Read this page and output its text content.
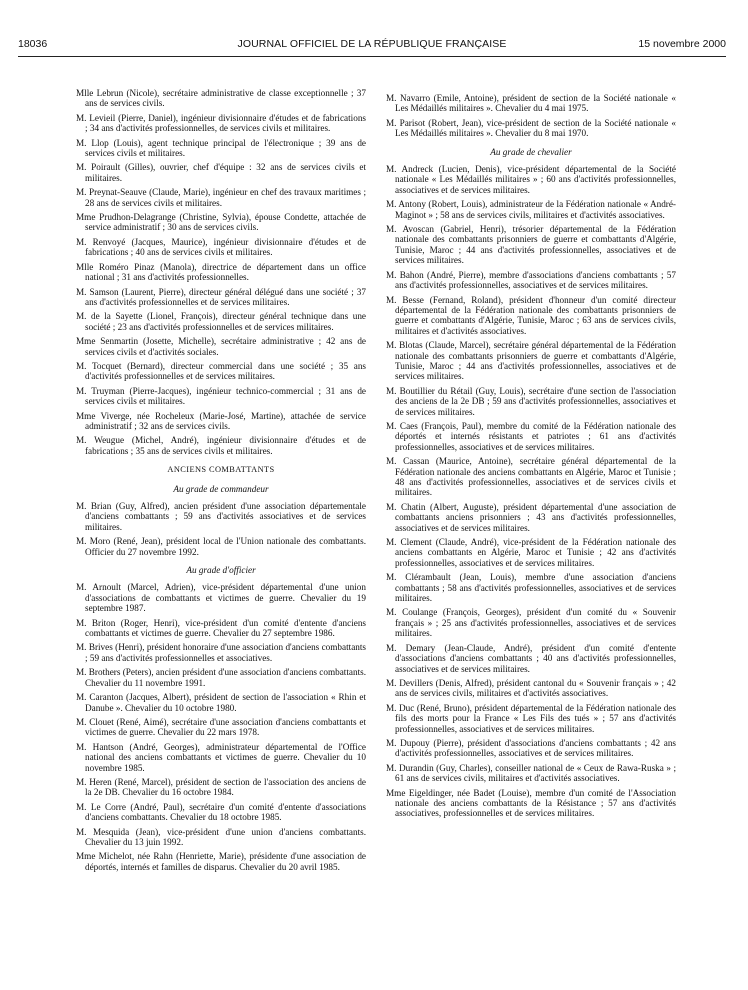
18036	JOURNAL OFFICIEL DE LA RÉPUBLIQUE FRANÇAISE	15 novembre 2000

Mlle Lebrun (Nicole), secrétaire administrative de classe exceptionnelle ; 37 ans de services civils.

M. Levieil (Pierre, Daniel), ingénieur divisionnaire d'études et de fabrications ; 34 ans d'activités professionnelles, de services civils et militaires.

M. Llop (Louis), agent technique principal de l'électronique ; 39 ans de services civils et militaires.

M. Poirault (Gilles), ouvrier, chef d'équipe : 32 ans de services civils et militaires.

M. Preynat-Seauve (Claude, Marie), ingénieur en chef des travaux maritimes ; 28 ans de services civils et militaires.

Mme Prudhon-Delagrange (Christine, Sylvia), épouse Condette, attachée de service administratif ; 30 ans de services civils.

M. Renvoyé (Jacques, Maurice), ingénieur divisionnaire d'études et de fabrications ; 40 ans de services civils et militaires.

Mlle Roméro Pinaz (Manola), directrice de département dans un office national ; 31 ans d'activités professionnelles.

M. Samson (Laurent, Pierre), directeur général délégué dans une société ; 37 ans d'activités professionnelles et de services militaires.

M. de la Sayette (Lionel, François), directeur général technique dans une société ; 23 ans d'activités professionnelles et de services militaires.

Mme Senmartin (Josette, Michelle), secrétaire administrative ; 42 ans de services civils et d'activités sociales.

M. Tocquet (Bernard), directeur commercial dans une société ; 35 ans d'activités professionnelles et de services militaires.

M. Truyman (Pierre-Jacques), ingénieur technico-commercial ; 31 ans de services civils et militaires.

Mme Viverge, née Rocheleux (Marie-José, Martine), attachée de service administratif ; 32 ans de services civils.

M. Weugue (Michel, André), ingénieur divisionnaire d'études et de fabrications ; 35 ans de services civils et militaires.

ANCIENS COMBATTANTS
Au grade de commandeur

M. Brian (Guy, Alfred), ancien président d'une association départementale d'anciens combattants ; 59 ans d'activités associatives et de services militaires.

M. Moro (René, Jean), président local de l'Union nationale des combattants. Officier du 27 novembre 1992.

Au grade d'officier

M. Arnoult (Marcel, Adrien), vice-président départemental d'une union d'associations de combattants et victimes de guerre. Chevalier du 19 septembre 1987.

M. Briton (Roger, Henri), vice-président d'un comité d'entente d'anciens combattants et victimes de guerre. Chevalier du 27 septembre 1986.

M. Brives (Henri), président honoraire d'une association d'anciens combattants ; 59 ans d'activités professionnelles et associatives.

M. Brothers (Peters), ancien président d'une association d'anciens combattants. Chevalier du 11 novembre 1991.

M. Caranton (Jacques, Albert), président de section de l'association « Rhin et Danube ». Chevalier du 10 octobre 1980.

M. Clouet (René, Aimé), secrétaire d'une association d'anciens combattants et victimes de guerre. Chevalier du 22 mars 1978.

M. Hantson (André, Georges), administrateur départemental de l'Office national des anciens combattants et victimes de guerre. Chevalier du 10 novembre 1985.

M. Heren (René, Marcel), président de section de l'association des anciens de la 2e DB. Chevalier du 16 octobre 1984.

M. Le Corre (André, Paul), secrétaire d'un comité d'entente d'associations d'anciens combattants. Chevalier du 18 octobre 1985.

M. Mesquida (Jean), vice-président d'une union d'anciens combattants. Chevalier du 13 juin 1992.

Mme Michelot, née Rahn (Henriette, Marie), présidente d'une association de déportés, internés et familles de disparus. Chevalier du 20 avril 1985.

M. Navarro (Emile, Antoine), président de section de la Société nationale « Les Médaillés militaires ». Chevalier du 4 mai 1975.

M. Parisot (Robert, Jean), vice-président de section de la Société nationale « Les Médaillés militaires ». Chevalier du 8 mai 1970.

Au grade de chevalier

M. Andreck (Lucien, Denis), vice-président départemental de la Société nationale « Les Médaillés militaires » ; 60 ans d'activités professionnelles, associatives et de services militaires.

M. Antony (Robert, Louis), administrateur de la Fédération nationale « André-Maginot » ; 58 ans de services civils, militaires et d'activités associatives.

M. Avoscan (Gabriel, Henri), trésorier départemental de la Fédération nationale des combattants prisonniers de guerre et combattants d'Algérie, Tunisie, Maroc ; 44 ans d'activités professionnelles, associatives et de services militaires.

M. Bahon (André, Pierre), membre d'associations d'anciens combattants ; 57 ans d'activités professionnelles, associatives et de services militaires.

M. Besse (Fernand, Roland), président d'honneur d'un comité directeur départemental de la Fédération nationale des combattants prisonniers de guerre et combattants d'Algérie, Tunisie, Maroc ; 63 ans de services civils, militaires et d'activités associatives.

M. Blotas (Claude, Marcel), secrétaire général départemental de la Fédération nationale des combattants prisonniers de guerre et combattants d'Algérie, Tunisie, Maroc ; 44 ans d'activités professionnelles, associatives et de services militaires.

M. Boutillier du Rétail (Guy, Louis), secrétaire d'une section de l'association des anciens de la 2e DB ; 59 ans d'activités professionnelles, associatives et de services militaires.

M. Caes (François, Paul), membre du comité de la Fédération nationale des déportés et internés résistants et patriotes ; 61 ans d'activités professionnelles, associatives et de services militaires.

M. Cassan (Maurice, Antoine), secrétaire général départemental de la Fédération nationale des anciens combattants en Algérie, Maroc et Tunisie ; 48 ans d'activités professionnelles, associatives et de services civils et militaires.

M. Chatin (Albert, Auguste), président départemental d'une association de combattants anciens prisonniers ; 43 ans d'activités professionnelles, associatives et de services militaires.

M. Clement (Claude, André), vice-président de la Fédération nationale des anciens combattants en Algérie, Maroc et Tunisie ; 42 ans d'activités professionnelles, associatives et de services militaires.

M. Clérambault (Jean, Louis), membre d'une association d'anciens combattants ; 58 ans d'activités professionnelles, associatives et de services militaires.

M. Coulange (François, Georges), président d'un comité du « Souvenir français » ; 25 ans d'activités professionnelles, associatives et de services militaires.

M. Demary (Jean-Claude, André), président d'un comité d'entente d'associations d'anciens combattants ; 40 ans d'activités professionnelles, associatives et de services militaires.

M. Devillers (Denis, Alfred), président cantonal du « Souvenir français » ; 42 ans de services civils, militaires et d'activités associatives.

M. Duc (René, Bruno), président départemental de la Fédération nationale des fils des morts pour la France « Les Fils des tués » ; 57 ans d'activités professionnelles, associatives et de services militaires.

M. Dupouy (Pierre), président d'associations d'anciens combattants ; 42 ans d'activités professionnelles, associatives et de services militaires.

M. Durandin (Guy, Charles), conseiller national de « Ceux de Rawa-Ruska » ; 61 ans de services civils, militaires et d'activités associatives.

Mme Eigeldinger, née Badet (Louise), membre d'un comité de l'Association nationale des anciens combattants de la Résistance ; 57 ans d'activités associatives, professionnelles et de services militaires.
